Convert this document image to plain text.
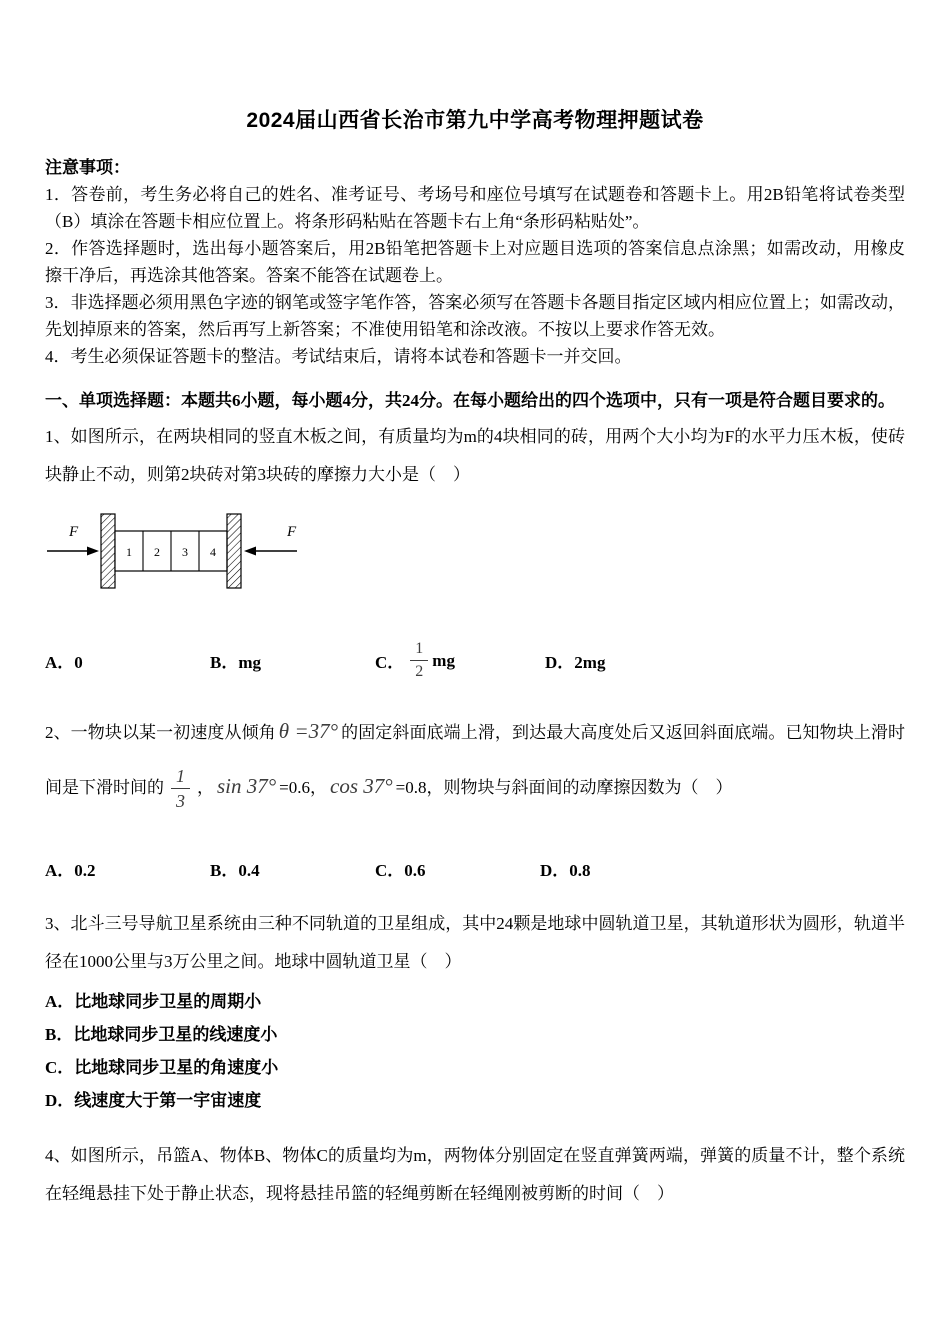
2024届山西省长治市第九中学高考物理押题试卷

注意事项：

1．答卷前，考生务必将自己的姓名、准考证号、考场号和座位号填写在试题卷和答题卡上。用2B铅笔将试卷类型（B）填涂在答题卡相应位置上。将条形码粘贴在答题卡右上角“条形码粘贴处”。

2．作答选择题时，选出每小题答案后，用2B铅笔把答题卡上对应题目选项的答案信息点涂黑；如需改动，用橡皮擦干净后，再选涂其他答案。答案不能答在试题卷上。

3．非选择题必须用黑色字迹的钢笔或签字笔作答，答案必须写在答题卡各题目指定区域内相应位置上；如需改动，先划掉原来的答案，然后再写上新答案；不准使用铅笔和涂改液。不按以上要求作答无效。

4．考生必须保证答题卡的整洁。考试结束后，请将本试卷和答题卡一并交回。

一、单项选择题：本题共6小题，每小题4分，共24分。在每小题给出的四个选项中，只有一项是符合题目要求的。

1、如图所示，在两块相同的竖直木板之间，有质量均为m的4块相同的砖，用两个大小均为F的水平力压木板，使砖块静止不动，则第2块砖对第3块砖的摩擦力大小是（　）

F
1 2 3 4
F
A．0	B．mg	C． $\frac{1}{2}$ mg	D．2mg

2、一物块以某一初速度从倾角 θ =37° 的固定斜面底端上滑，到达最大高度处后又返回斜面底端。已知物块上滑时间是下滑时间的 $\frac{1}{3}$ ， sin 37° =0.6， cos 37° =0.8，则物块与斜面间的动摩擦因数为（　）

A．0.2	B．0.4	C．0.6	D．0.8

3、北斗三号导航卫星系统由三种不同轨道的卫星组成，其中24颗是地球中圆轨道卫星，其轨道形状为圆形，轨道半径在1000公里与3万公里之间。地球中圆轨道卫星（　）

A．比地球同步卫星的周期小

B．比地球同步卫星的线速度小

C．比地球同步卫星的角速度小

D．线速度大于第一宇宙速度

4、如图所示，吊篮A、物体B、物体C的质量均为m，两物体分别固定在竖直弹簧两端，弹簧的质量不计，整个系统在轻绳悬挂下处于静止状态，现将悬挂吊篮的轻绳剪断在轻绳刚被剪断的时间（　）
